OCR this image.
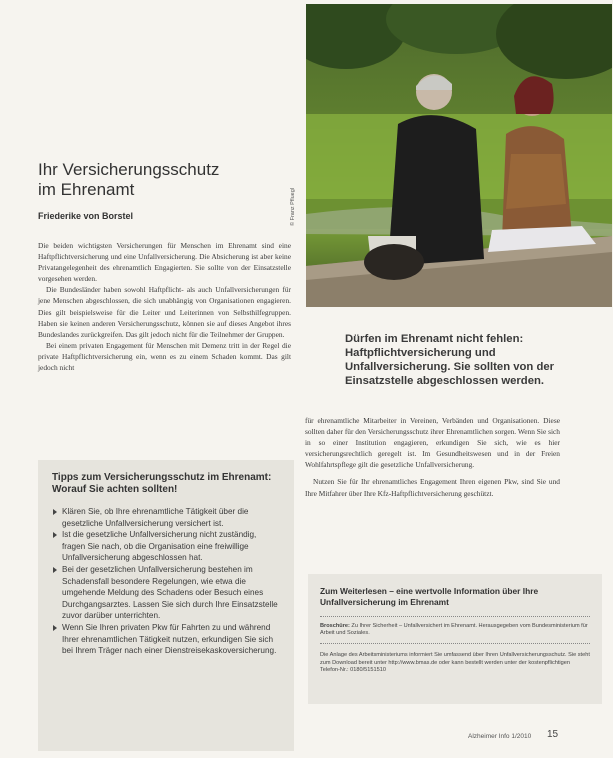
© Franz Pfluegl
Ihr Versicherungsschutz
im Ehrenamt
Friederike von Borstel

Die beiden wichtigsten Versicherungen für Menschen im Ehrenamt sind eine Haftpflichtversicherung und eine Unfallversicherung. Die Absicherung ist aber keine Privatangelegenheit des ehrenamtlich Engagierten. Sie sollte von der Einsatzstelle vorgesehen werden.

Die Bundesländer haben sowohl Haftpflicht- als auch Unfallversicherungen für jene Menschen abgeschlossen, die sich unabhängig von Organisationen engagieren. Dies gilt beispielsweise für die Leiter und Leiterinnen von Selbsthilfegruppen. Haben sie keinen anderen Versicherungsschutz, können sie auf dieses Angebot ihres Bundeslandes zurückgreifen. Das gilt jedoch nicht für die Teilnehmer der Gruppen.

Bei einem privaten Engagement für Menschen mit Demenz tritt in der Regel die private Haftpflichtversicherung ein, wenn es zu einem Schaden kommt. Das gilt jedoch nicht

Tipps zum Versicherungsschutz im Ehrenamt: Worauf Sie achten sollten!
Klären Sie, ob Ihre ehrenamtliche Tätigkeit über die gesetzliche Unfallversicherung versichert ist.
Ist die gesetzliche Unfallversicherung nicht zuständig, fragen Sie nach, ob die Organisation eine freiwillige Unfallversicherung abgeschlossen hat.
Bei der gesetzlichen Unfallversicherung bestehen im Schadensfall besondere Regelungen, wie etwa die umgehende Meldung des Schadens oder Besuch eines Durchgangsarztes. Lassen Sie sich durch Ihre Einsatzstelle zuvor darüber unterrichten.
Wenn Sie Ihren privaten Pkw für Fahrten zu und während Ihrer ehrenamtlichen Tätigkeit nutzen, erkundigen Sie sich bei Ihrem Träger nach einer Dienstreisekaskoversicherung.
Dürfen im Ehrenamt nicht fehlen: Haftpflichtversicherung und Unfallversicherung. Sie sollten von der Einsatzstelle abgeschlossen werden.

für ehrenamtliche Mitarbeiter in Vereinen, Verbänden und Organisationen. Diese sollten daher für den Versicherungsschutz ihrer Ehrenamtlichen sorgen. Wenn Sie sich in so einer Institution engagieren, erkundigen Sie sich, wie es hier versicherungsrechtlich geregelt ist. Im Gesundheitswesen und in der Freien Wohlfahrtspflege gilt die gesetzliche Unfallversicherung.

Nutzen Sie für Ihr ehrenamtliches Engagement Ihren eigenen Pkw, sind Sie und Ihre Mitfahrer über Ihre Kfz-Haftpflichtversicherung geschützt.

Zum Weiterlesen – eine wertvolle Information über Ihre Unfallversicherung im Ehrenamt
Broschüre: Zu Ihrer Sicherheit – Unfallversichert im Ehrenamt. Herausgegeben vom Bundesministerium für Arbeit und Soziales.
Die Anlage des Arbeitsministeriums informiert Sie umfassend über Ihren Unfallversicherungsschutz. Sie steht zum Download bereit unter http://www.bmas.de oder kann bestellt werden unter der kostenpflichtigen Telefon-Nr.: 0180/5151510
Alzheimer Info 1/2010 15
